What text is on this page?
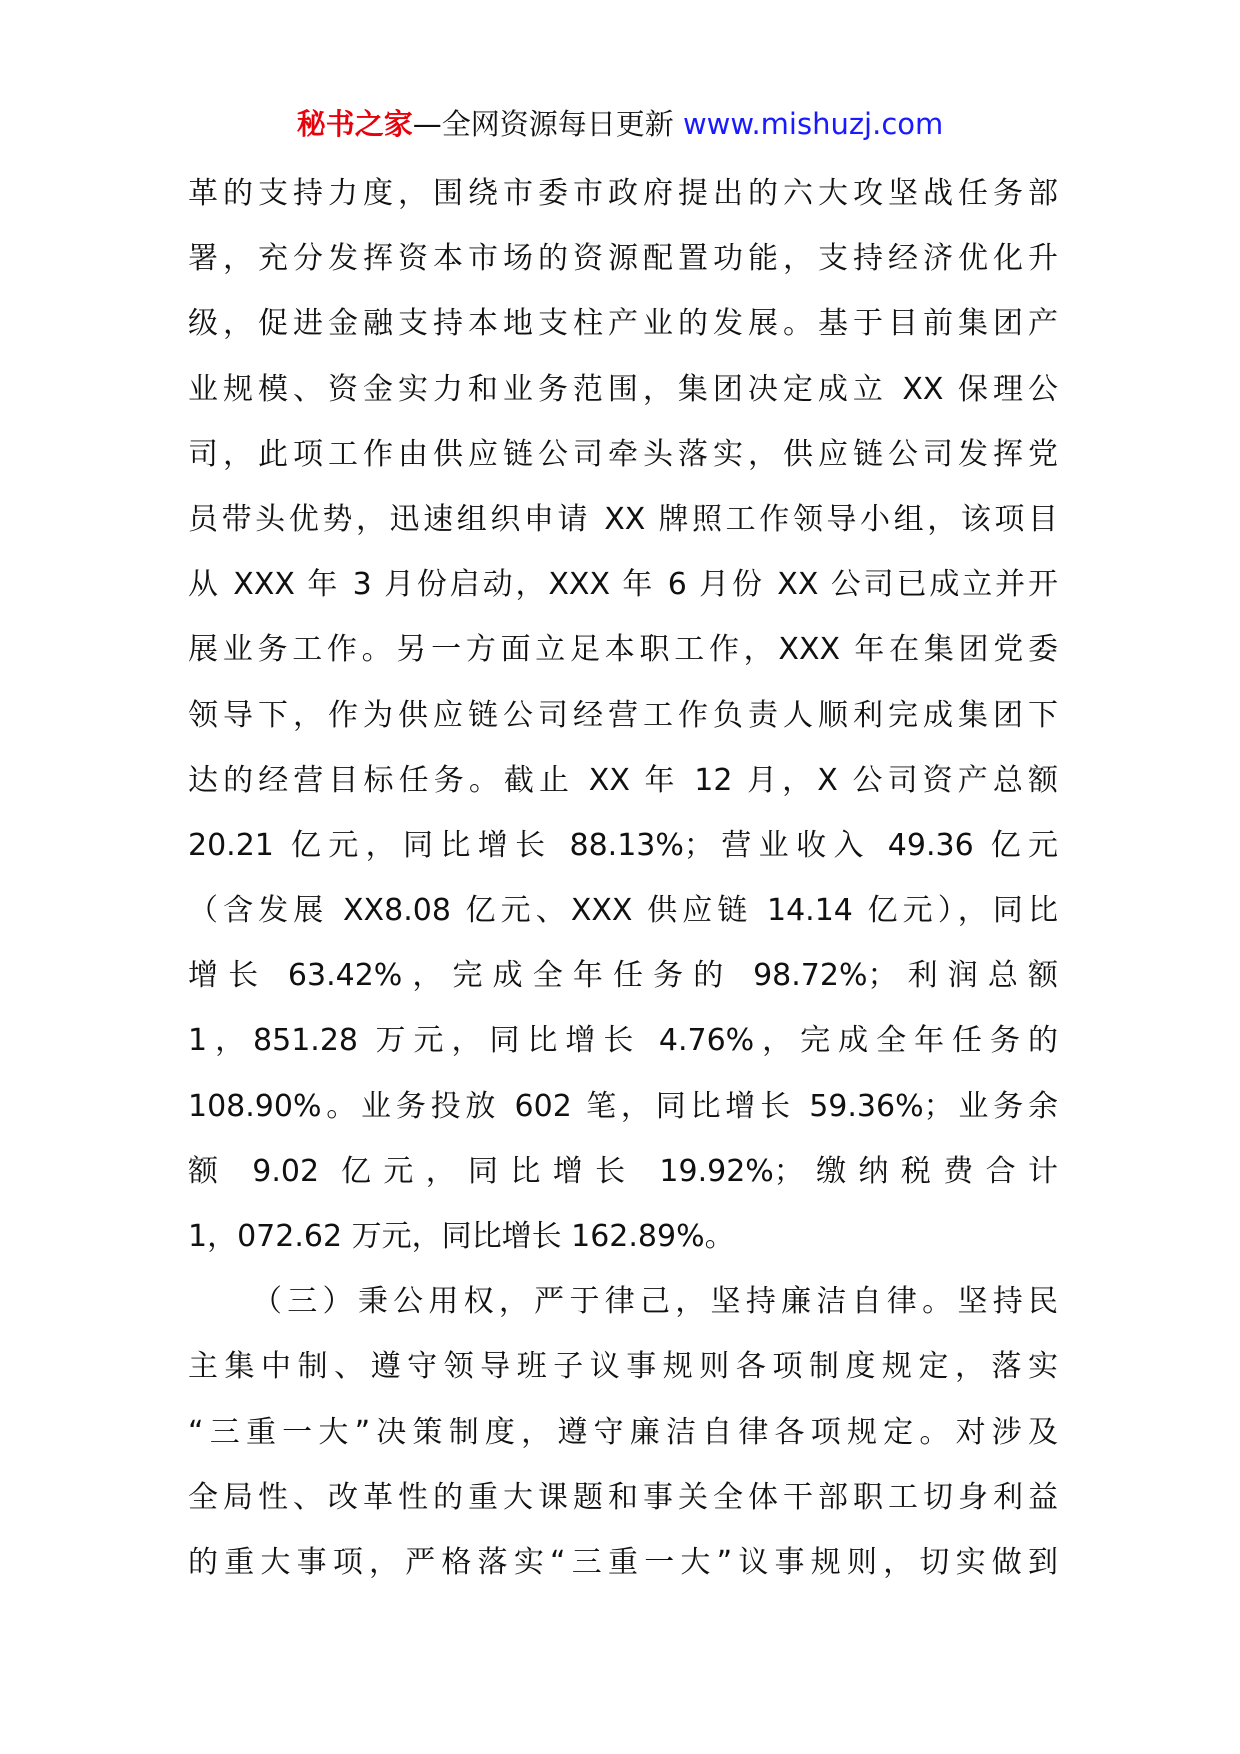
秘书之家—全网资源每日更新 www.mishuzj.com
革的支持力度，围绕市委市政府提出的六大攻坚战任务部
署，充分发挥资本市场的资源配置功能，支持经济优化升
级，促进金融支持本地支柱产业的发展。基于目前集团产
业规模、资金实力和业务范围，集团决定成立 XX 保理公
司，此项工作由供应链公司牵头落实，供应链公司发挥党
员带头优势，迅速组织申请 XX 牌照工作领导小组，该项目
从 XXX 年 3 月份启动，XXX 年 6 月份 XX 公司已成立并开
展业务工作。另一方面立足本职工作，XXX 年在集团党委
领导下，作为供应链公司经营工作负责人顺利完成集团下
达的经营目标任务。截止 XX 年 12 月，X 公司资产总额
20.21 亿元，同比增长 88.13%；营业收入 49.36 亿元
（含发展 XX8.08 亿元、XXX 供应链 14.14 亿元），同比
增长 63.42%，完成全年任务的 98.72%；利润总额
1，851.28 万元，同比增长 4.76%，完成全年任务的
108.90%。业务投放 602 笔，同比增长 59.36%；业务余
额 9.02 亿元，同比增长 19.92%；缴纳税费合计
1，072.62 万元，同比增长 162.89%。
（三）秉公用权，严于律己，坚持廉洁自律。坚持民
主集中制、遵守领导班子议事规则各项制度规定，落实
“三重一大”决策制度，遵守廉洁自律各项规定。对涉及
全局性、改革性的重大课题和事关全体干部职工切身利益
的重大事项，严格落实“三重一大”议事规则，切实做到
